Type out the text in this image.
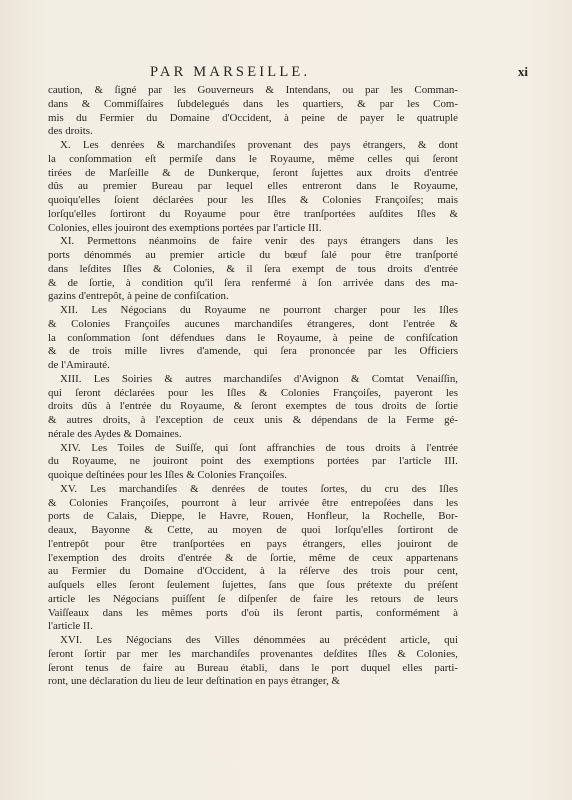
PAR MARSEILLE.	xi
caution, & ſigné par les Gouverneurs & Intendans, ou par les Comman-
dans & Commiſſaires ſubdelegués dans les quartiers, & par les Com-
mis du Fermier du Domaine d'Occident, à peine de payer le quatruple
des droits.
X. Les denrées & marchandiſes provenant des pays étrangers, & dont
la conſommation eſt permiſe dans le Royaume, même celles qui ſeront
tirées de Marſeille & de Dunkerque, ſeront ſujettes aux droits d'entrée
dûs au premier Bureau par lequel elles entreront dans le Royaume,
quoiqu'elles ſoient déclarées pour les Iſles & Colonies Françoiſes; mais
lorſqu'elles ſortiront du Royaume pour être tranſportées auſdites Iſles &
Colonies, elles jouiront des exemptions portées par l'article III.
XI. Permettons néanmoins de faire venir des pays étrangers dans les
ports dénommés au premier article du bœuf ſalé pour être tranſporté
dans leſdites Iſles & Colonies, & il ſera exempt de tous droits d'entrée
& de ſortie, à condition qu'il ſera renfermé à ſon arrivée dans des ma-
gazins d'entrepôt, à peine de confiſcation.
XII. Les Négocians du Royaume ne pourront charger pour les Iſles
& Colonies Françoiſes aucunes marchandiſes étrangeres, dont l'entrée &
la conſommation ſont défendues dans le Royaume, à peine de confiſcation
& de trois mille livres d'amende, qui ſera prononcée par les Officiers
de l'Amirauté.
XIII. Les Soiries & autres marchandiſes d'Avignon & Comtat Venaiſſin,
qui ſeront déclarées pour les Iſles & Colonies Françoiſes, payeront les
droits dûs à l'entrée du Royaume, & ſeront exemptes de tous droits de ſortie
& autres droits, à l'exception de ceux unis & dépendans de la Ferme gé-
nérale des Aydes & Domaines.
XIV. Les Toiles de Suiſſe, qui ſont affranchies de tous droits à l'entrée
du Royaume, ne jouiront point des exemptions portées par l'article III.
quoique deſtinées pour les Iſles & Colonies Françoiſes.
XV. Les marchandiſes & denrées de toutes ſortes, du cru des Iſles
& Colonies Françoiſes, pourront à leur arrivée être entrepoſées dans les
ports de Calais, Dieppe, le Havre, Rouen, Honfleur, la Rochelle, Bor-
deaux, Bayonne & Cette, au moyen de quoi lorſqu'elles ſortiront de
l'entrepôt pour être tranſportées en pays étrangers, elles jouiront de
l'exemption des droits d'entrée & de ſortie, même de ceux appartenans
au Fermier du Domaine d'Occident, à la réſerve des trois pour cent,
auſquels elles ſeront ſeulement ſujettes, ſans que ſous prétexte du préſent
article les Négocians puiſſent ſe diſpenſer de faire les retours de leurs
Vaiſſeaux dans les mêmes ports d'où ils ſeront partis, conformément à
l'article II.
XVI. Les Négocians des Villes dénommées au précédent article, qui
ſeront ſortir par mer les marchandiſes provenantes deſdites Iſles & Colonies,
ſeront tenus de faire au Bureau établi, dans le port duquel elles parti-
ront, une déclaration du lieu de leur deſtination en pays étranger, &
